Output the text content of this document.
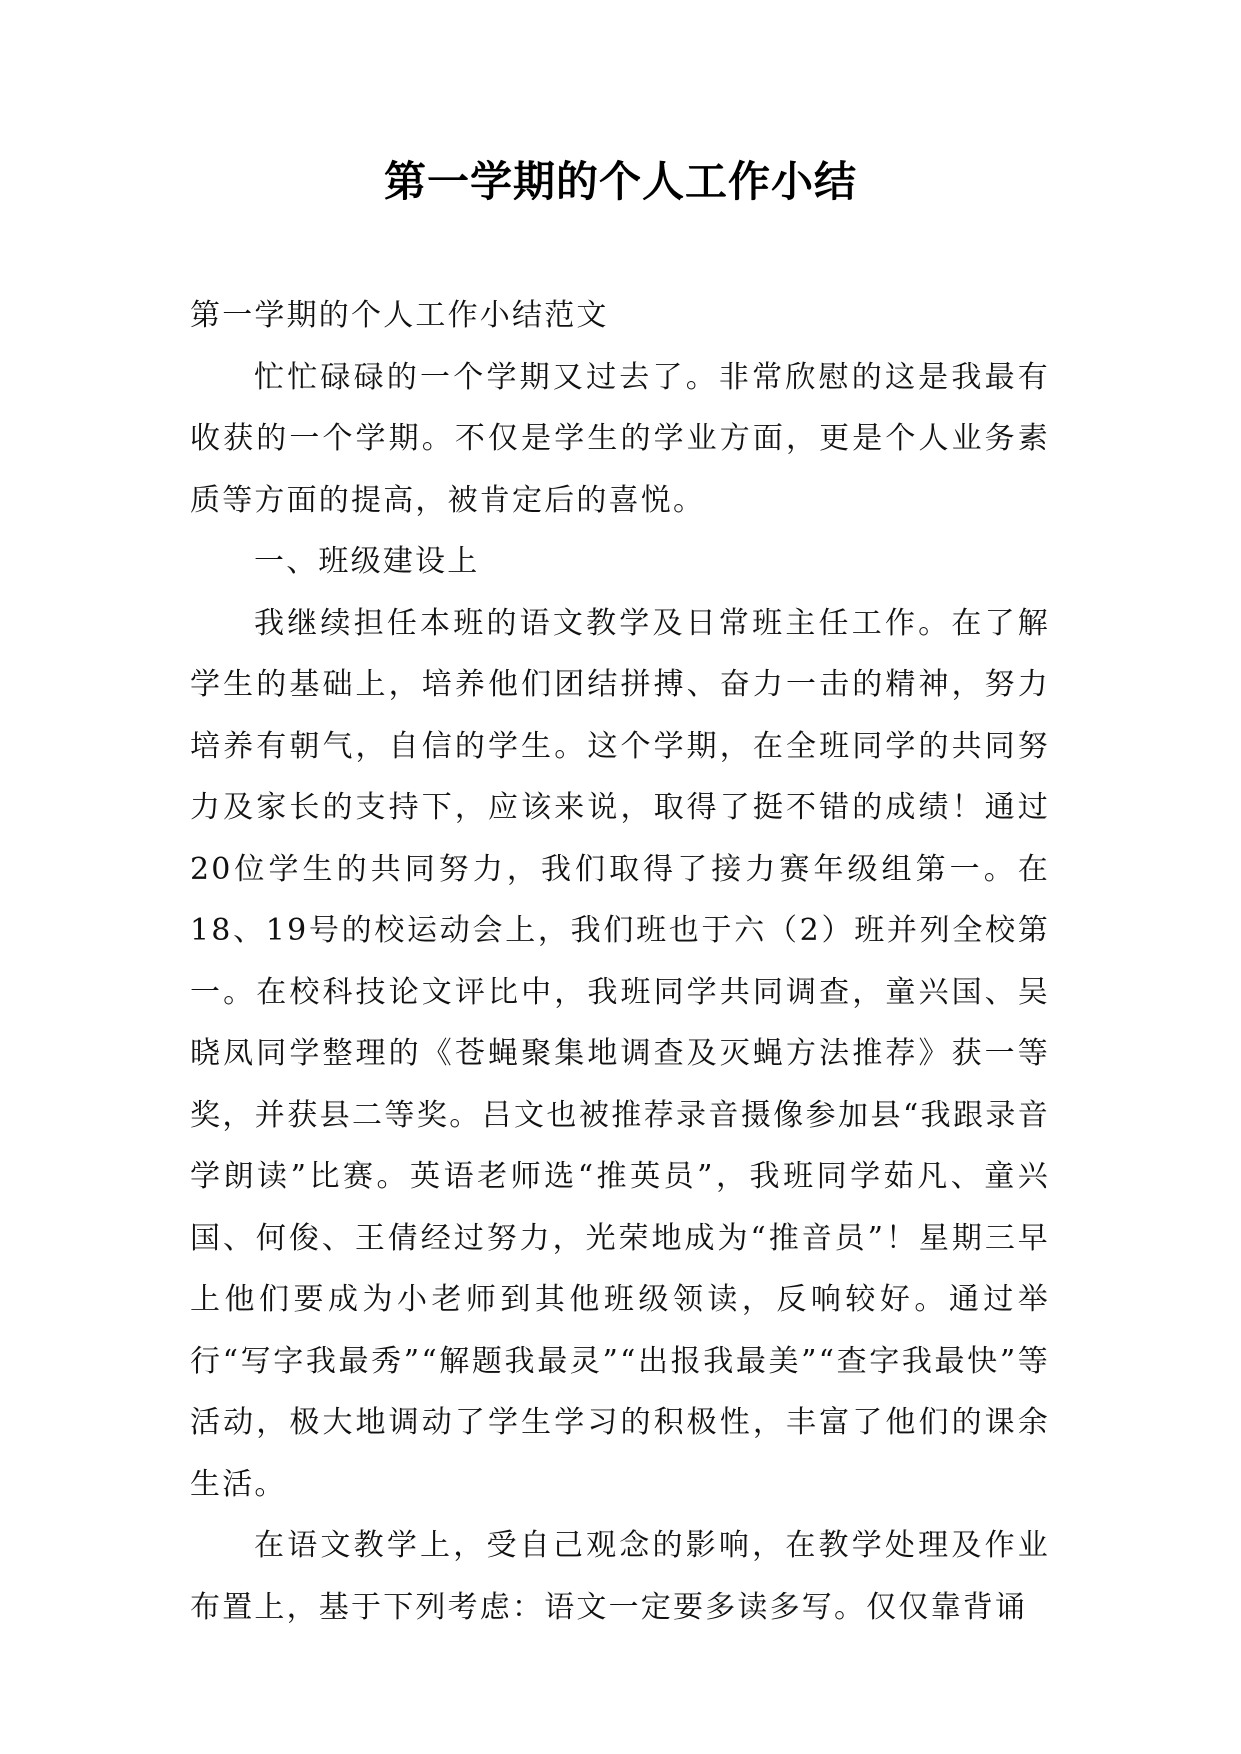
第一学期的个人工作小结

第一学期的个人工作小结范文

忙忙碌碌的一个学期又过去了。非常欣慰的这是我最有收获的一个学期。不仅是学生的学业方面，更是个人业务素质等方面的提高，被肯定后的喜悦。

一、班级建设上

我继续担任本班的语文教学及日常班主任工作。在了解学生的基础上，培养他们团结拼搏、奋力一击的精神，努力培养有朝气，自信的学生。这个学期，在全班同学的共同努力及家长的支持下，应该来说，取得了挺不错的成绩！通过20位学生的共同努力，我们取得了接力赛年级组第一。在18、19号的校运动会上，我们班也于六（2）班并列全校第一。在校科技论文评比中，我班同学共同调查，童兴国、吴晓凤同学整理的《苍蝇聚集地调查及灭蝇方法推荐》获一等奖，并获县二等奖。吕文也被推荐录音摄像参加县“我跟录音学朗读”比赛。英语老师选“推英员”，我班同学茹凡、童兴国、何俊、王倩经过努力，光荣地成为“推音员”！星期三早上他们要成为小老师到其他班级领读，反响较好。通过举行“写字我最秀”“解题我最灵”“出报我最美”“查字我最快”等活动，极大地调动了学生学习的积极性，丰富了他们的课余生活。

在语文教学上，受自己观念的影响，在教学处理及作业布置上，基于下列考虑：语文一定要多读多写。仅仅靠背诵
